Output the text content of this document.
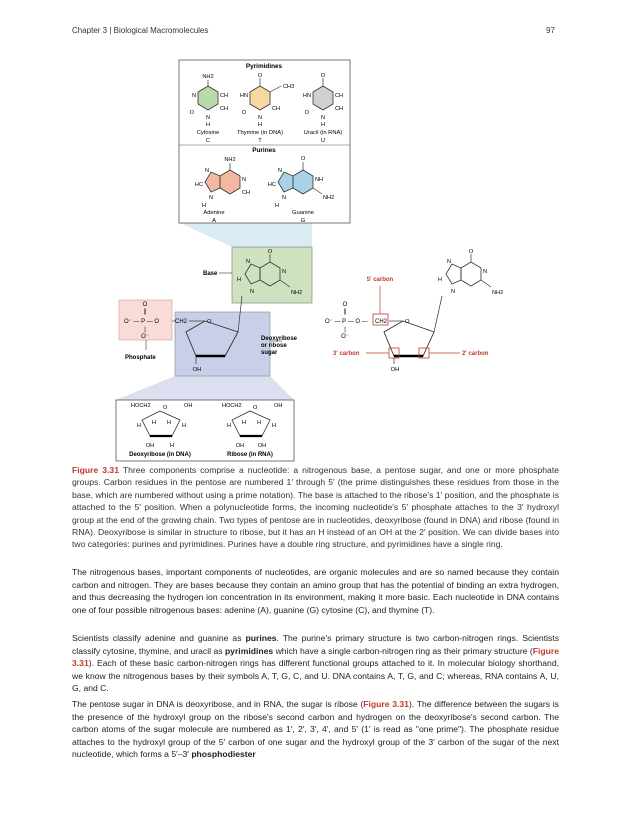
Chapter 3 | Biological Macromolecules	97
Pyrimidines
Purines
NH2
N	CH
CH
O
N
H
Cytosine
C
O
CH3
HN
CH
O
N
H
Thymine (in DNA)
T
O
HN	CH
CH
O
N
H
Uracil (in RNA)
U
NH2
N
CH
HC
N
N
H
Adenine
A
O
NH
NH2
HC
N
N
H
Guanine
G
O
N
NH2
H
N
N
Base
O
||
O⁻ — P — O
|
O⁻
Phosphate
CH2	O
OH
Deoxyribose
or ribose
sugar
HOCH2 O	OH
H H H H
OH	H
Deoxyribose (in DNA)
HOCH2 O	OH
H H H H
OH OH
Ribose (in RNA)
O
N
NH2
H
N
N
O
||
O⁻ — P — O —
|
O⁻
CH2	O
OH
5′ carbon
3′ carbon	2′ carbon
Figure 3.31 Three components comprise a nucleotide: a nitrogenous base, a pentose sugar, and one or more phosphate groups. Carbon residues in the pentose are numbered 1′ through 5′ (the prime distinguishes these residues from those in the base, which are numbered without using a prime notation). The base is attached to the ribose's 1′ position, and the phosphate is attached to the 5′ position. When a polynucleotide forms, the incoming nucleotide's 5′ phosphate attaches to the 3′ hydroxyl group at the end of the growing chain. Two types of pentose are in nucleotides, deoxyribose (found in DNA) and ribose (found in RNA). Deoxyribose is similar in structure to ribose, but it has an H instead of an OH at the 2′ position. We can divide bases into two categories: purines and pyrimidines. Purines have a double ring structure, and pyrimidines have a single ring.

The nitrogenous bases, important components of nucleotides, are organic molecules and are so named because they contain carbon and nitrogen. They are bases because they contain an amino group that has the potential of binding an extra hydrogen, and thus decreasing the hydrogen ion concentration in its environment, making it more basic. Each nucleotide in DNA contains one of four possible nitrogenous bases: adenine (A), guanine (G) cytosine (C), and thymine (T).

Scientists classify adenine and guanine as purines. The purine's primary structure is two carbon-nitrogen rings. Scientists classify cytosine, thymine, and uracil as pyrimidines which have a single carbon-nitrogen ring as their primary structure (Figure 3.31). Each of these basic carbon-nitrogen rings has different functional groups attached to it. In molecular biology shorthand, we know the nitrogenous bases by their symbols A, T, G, C, and U. DNA contains A, T, G, and C; whereas, RNA contains A, U, G, and C.

The pentose sugar in DNA is deoxyribose, and in RNA, the sugar is ribose (Figure 3.31). The difference between the sugars is the presence of the hydroxyl group on the ribose's second carbon and hydrogen on the deoxyribose's second carbon. The carbon atoms of the sugar molecule are numbered as 1′, 2′, 3′, 4′, and 5′ (1′ is read as "one prime"). The phosphate residue attaches to the hydroxyl group of the 5′ carbon of one sugar and the hydroxyl group of the 3′ carbon of the sugar of the next nucleotide, which forms a 5′–3′ phosphodiester
